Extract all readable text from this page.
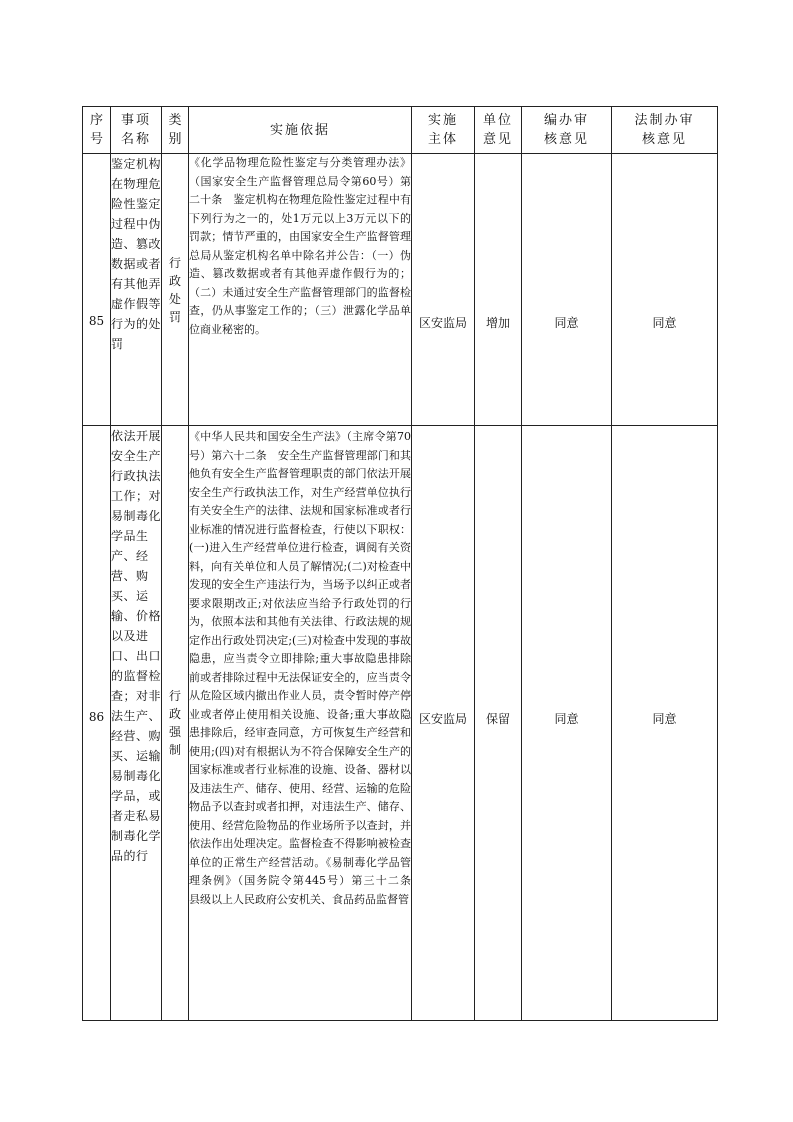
序号	事项名称	类别	实施依据	实施主体	单位意见	编办审核意见	法制办审核意见
85	鉴定机构在物理危险性鉴定过程中伪造、篡改数据或者有其他弄虚作假等行为的处罚	行政处罚	《化学品物理危险性鉴定与分类管理办法》（国家安全生产监督管理总局令第60号）第二十条　鉴定机构在物理危险性鉴定过程中有下列行为之一的，处1万元以上3万元以下的罚款；情节严重的，由国家安全生产监督管理总局从鉴定机构名单中除名并公告：（一）伪造、篡改数据或者有其他弄虚作假行为的；（二）未通过安全生产监督管理部门的监督检查，仍从事鉴定工作的；（三）泄露化学品单位商业秘密的。	区安监局	增加	同意	同意
86	依法开展安全生产行政执法工作；对易制毒化学品生产、经营、购买、运输、价格以及进口、出口的监督检查；对非法生产、经营、购买、运输易制毒化学品，或者走私易制毒化学品的行	行政强制	《中华人民共和国安全生产法》（主席令第70号）第六十二条　安全生产监督管理部门和其他负有安全生产监督管理职责的部门依法开展安全生产行政执法工作，对生产经营单位执行有关安全生产的法律、法规和国家标准或者行业标准的情况进行监督检查，行使以下职权：(一)进入生产经营单位进行检查，调阅有关资料，向有关单位和人员了解情况;(二)对检查中发现的安全生产违法行为，当场予以纠正或者要求限期改正;对依法应当给予行政处罚的行为，依照本法和其他有关法律、行政法规的规定作出行政处罚决定;(三)对检查中发现的事故隐患，应当责令立即排除;重大事故隐患排除前或者排除过程中无法保证安全的，应当责令从危险区域内撤出作业人员，责令暂时停产停业或者停止使用相关设施、设备;重大事故隐患排除后，经审查同意，方可恢复生产经营和使用;(四)对有根据认为不符合保障安全生产的国家标准或者行业标准的设施、设备、器材以及违法生产、储存、使用、经营、运输的危险物品予以查封或者扣押，对违法生产、储存、使用、经营危险物品的作业场所予以查封，并依法作出处理决定。监督检查不得影响被检查单位的正常生产经营活动。《易制毒化学品管理条例》（国务院令第445号）第三十二条　县级以上人民政府公安机关、食品药品监督管	区安监局	保留	同意	同意
